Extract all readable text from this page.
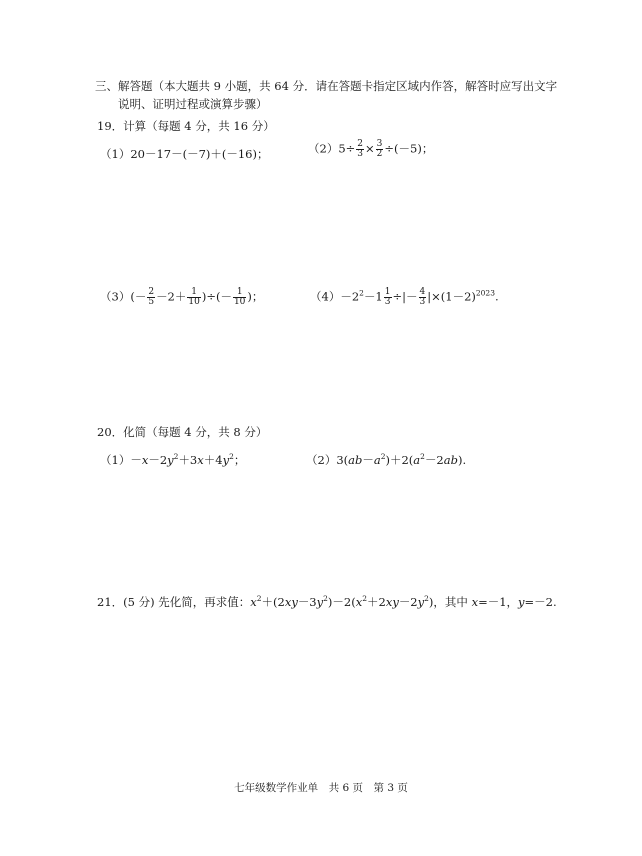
三、解答题（本大题共 9 小题，共 64 分．请在答题卡指定区域内作答，解答时应写出文字
说明、证明过程或演算步骤）
19．计算（每题 4 分，共 16 分）
（1）20－17－(－7)＋(－16)；	$(2)5\div \frac{2}{3} \times \frac{3}{2} \div(-5)$；
$(3)(- \frac{2}{5} -2+ \frac{1}{10}$ )÷(－ $\frac{1}{10}$ )；	$(4)-2^2-1 \frac{1}{3}$ ÷|－ $\frac{4}{3} |\times(1-2)^{2023}$.
20．化简（每题 4 分，共 8 分）
$(1)-x-2y^2+3x+4y^2$；	$(2)3(ab-a^2)+2(a^2-2ab)$.
21．(5 分) 先化简，再求值：$x^2+(2xy-3y^2)-2(x^2+2xy-2y^2)$，其中 x=－1，y=－2.
七年级数学作业单　共 6 页　第 3 页
